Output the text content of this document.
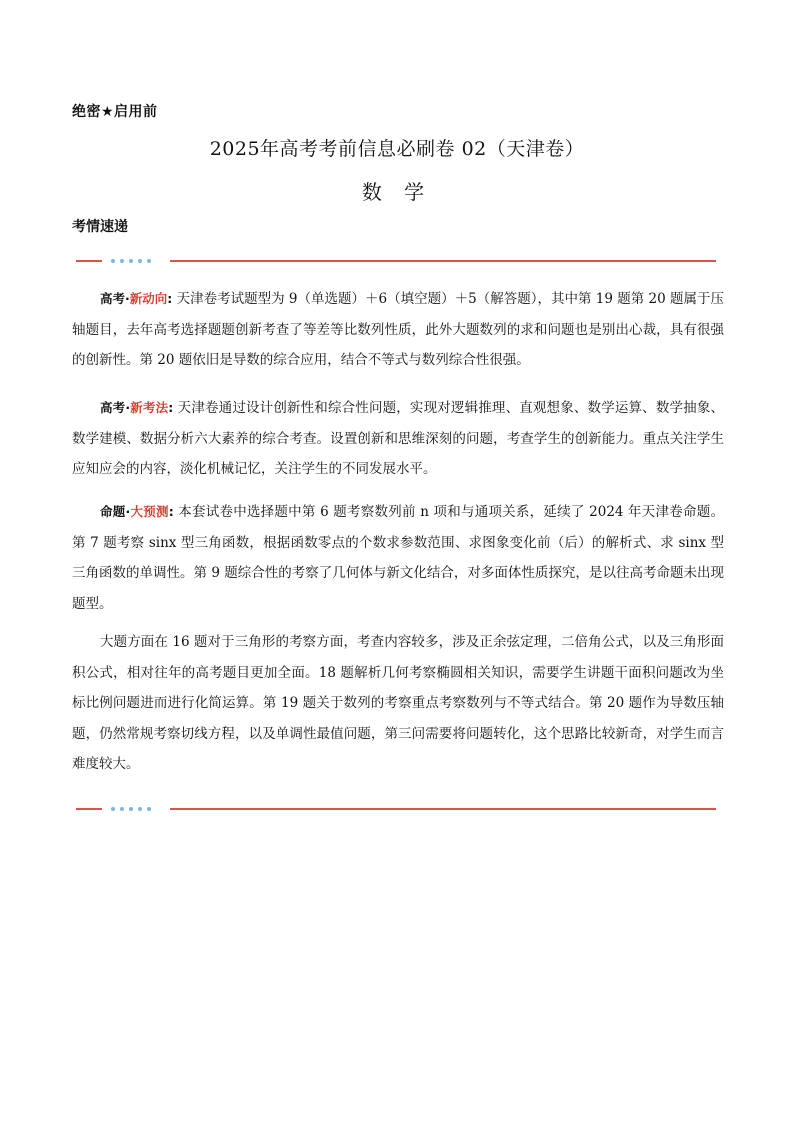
绝密★启用前
2025年高考考前信息必刷卷 02（天津卷）
数 学
考情速递

高考·新动向: 天津卷考试题型为 9（单选题）＋6（填空题）＋5（解答题），其中第 19 题第 20 题属于压轴题目，去年高考选择题题创新考查了等差等比数列性质，此外大题数列的求和问题也是别出心裁，具有很强的创新性。第 20 题依旧是导数的综合应用，结合不等式与数列综合性很强。

高考·新考法: 天津卷通过设计创新性和综合性问题，实现对逻辑推理、直观想象、数学运算、数学抽象、数学建模、数据分析六大素养的综合考查。设置创新和思维深刻的问题，考查学生的创新能力。重点关注学生应知应会的内容，淡化机械记忆，关注学生的不同发展水平。

命题·大预测: 本套试卷中选择题中第 6 题考察数列前 n 项和与通项关系，延续了 2024 年天津卷命题。第 7 题考察 sinx 型三角函数，根据函数零点的个数求参数范围、求图象变化前（后）的解析式、求 sinx 型三角函数的单调性。第 9 题综合性的考察了几何体与新文化结合，对多面体性质探究，是以往高考命题未出现题型。

大题方面在 16 题对于三角形的考察方面，考查内容较多，涉及正余弦定理，二倍角公式，以及三角形面积公式，相对往年的高考题目更加全面。18 题解析几何考察椭圆相关知识，需要学生讲题干面积问题改为坐标比例问题进而进行化简运算。第 19 题关于数列的考察重点考察数列与不等式结合。第 20 题作为导数压轴题，仍然常规考察切线方程，以及单调性最值问题，第三问需要将问题转化，这个思路比较新奇，对学生而言难度较大。
